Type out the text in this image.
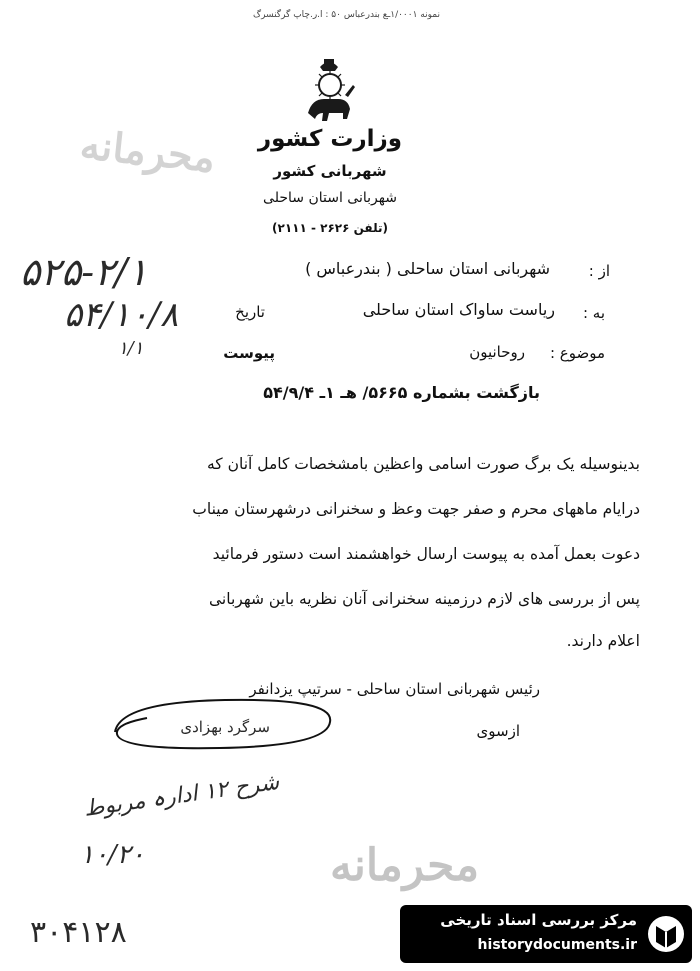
نمونه ۱/۰۰۰۱ـع بندرعباس ۵۰ : ا.ر.چاپ گرگنسرگ
وزارت کشور
شهربانی کشور
شهربانی استان ساحلی
(تلفن ۲۶۲۶ - ۲۱۱۱)
محرمانه
۵۲۵-۲/۱
۵۴/۱۰/۸
۱/۱
از :
شهربانی استان ساحلی ( بندرعباس )
به :
ریاست ساواک استان ساحلی
تاریخ
موضوع :
روحانیون
پیوست
بازگشت بشماره ۵۶۶۵/ هـ ۱ـ ۵۴/۹/۴
بدینوسیله یک برگ صورت اسامی واعظین بامشخصات کامل آنان که
درایام ماههای محرم و صفر جهت وعظ و سخنرانی درشهرستان میناب
دعوت بعمل آمده به پیوست ارسال خواهشمند است دستور فرمائید
پس از بررسی های لازم درزمینه سخنرانی آنان نظریه باین شهربانی
اعلام دارند.
رئیس شهربانی استان ساحلی - سرتیپ یزدانفر
ازسوی
سرگرد بهزادی
شرح ۱۲ ادارہ مربوط
۱۰/۲۰	محرمانه
۳۰۴۱۲۸	مرکز بررسی اسناد تاریخی
historydocuments.ir
